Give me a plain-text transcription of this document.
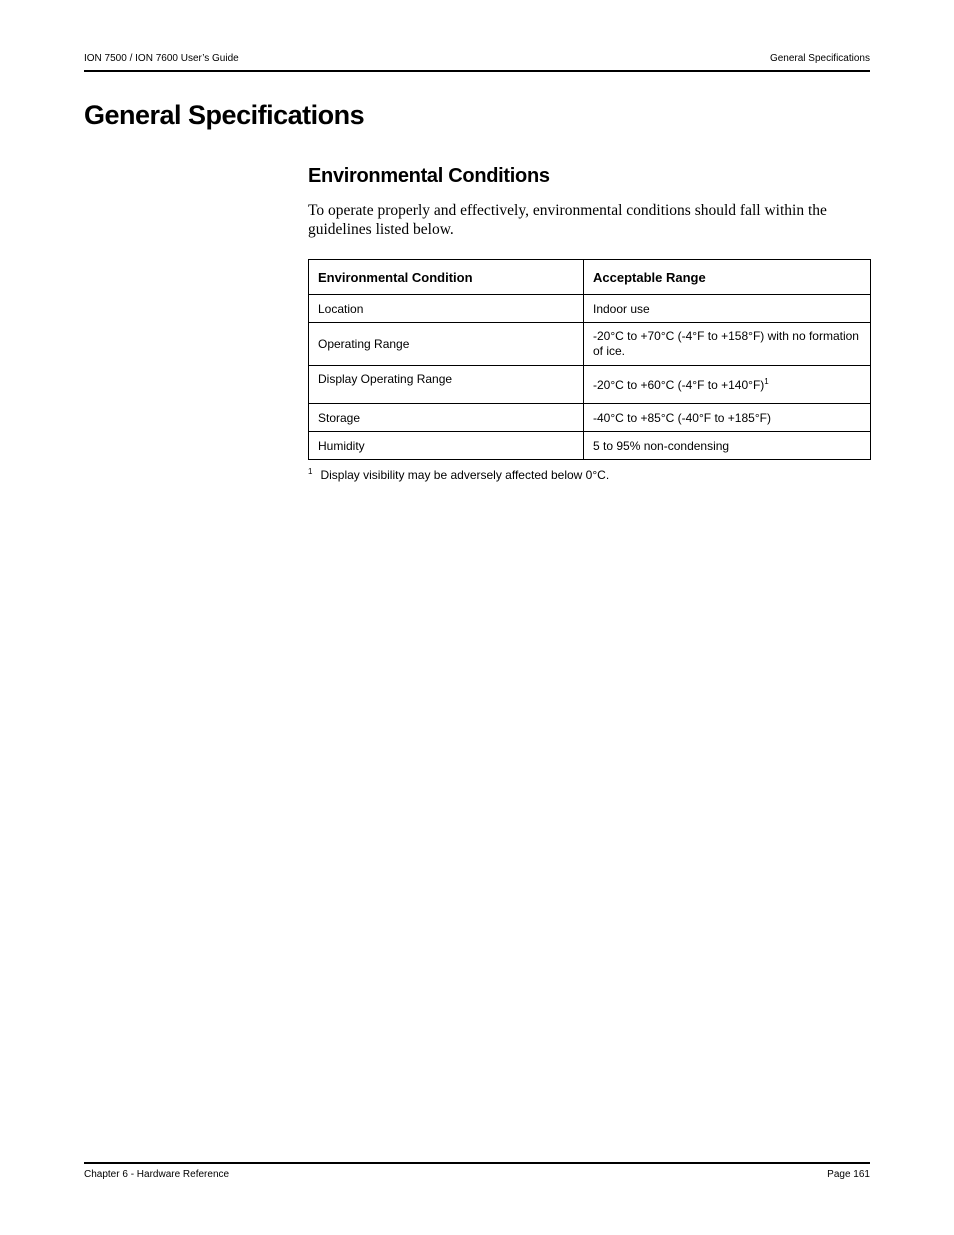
ION 7500 / ION 7600 User’s Guide	General Specifications
General Specifications
Environmental Conditions

To operate properly and effectively, environmental conditions should fall within the guidelines listed below.

Environmental Condition	Acceptable Range
Location	Indoor use
Operating Range	-20°C to +70°C (-4°F to +158°F) with no formation of ice.
Display Operating Range	-20°C to +60°C (-4°F to +140°F)$^1$
Storage	-40°C to +85°C (-40°F to +185°F)
Humidity	5 to 95% non-condensing
$^1$ Display visibility may be adversely affected below 0°C.
Chapter 6 - Hardware Reference	Page 161
